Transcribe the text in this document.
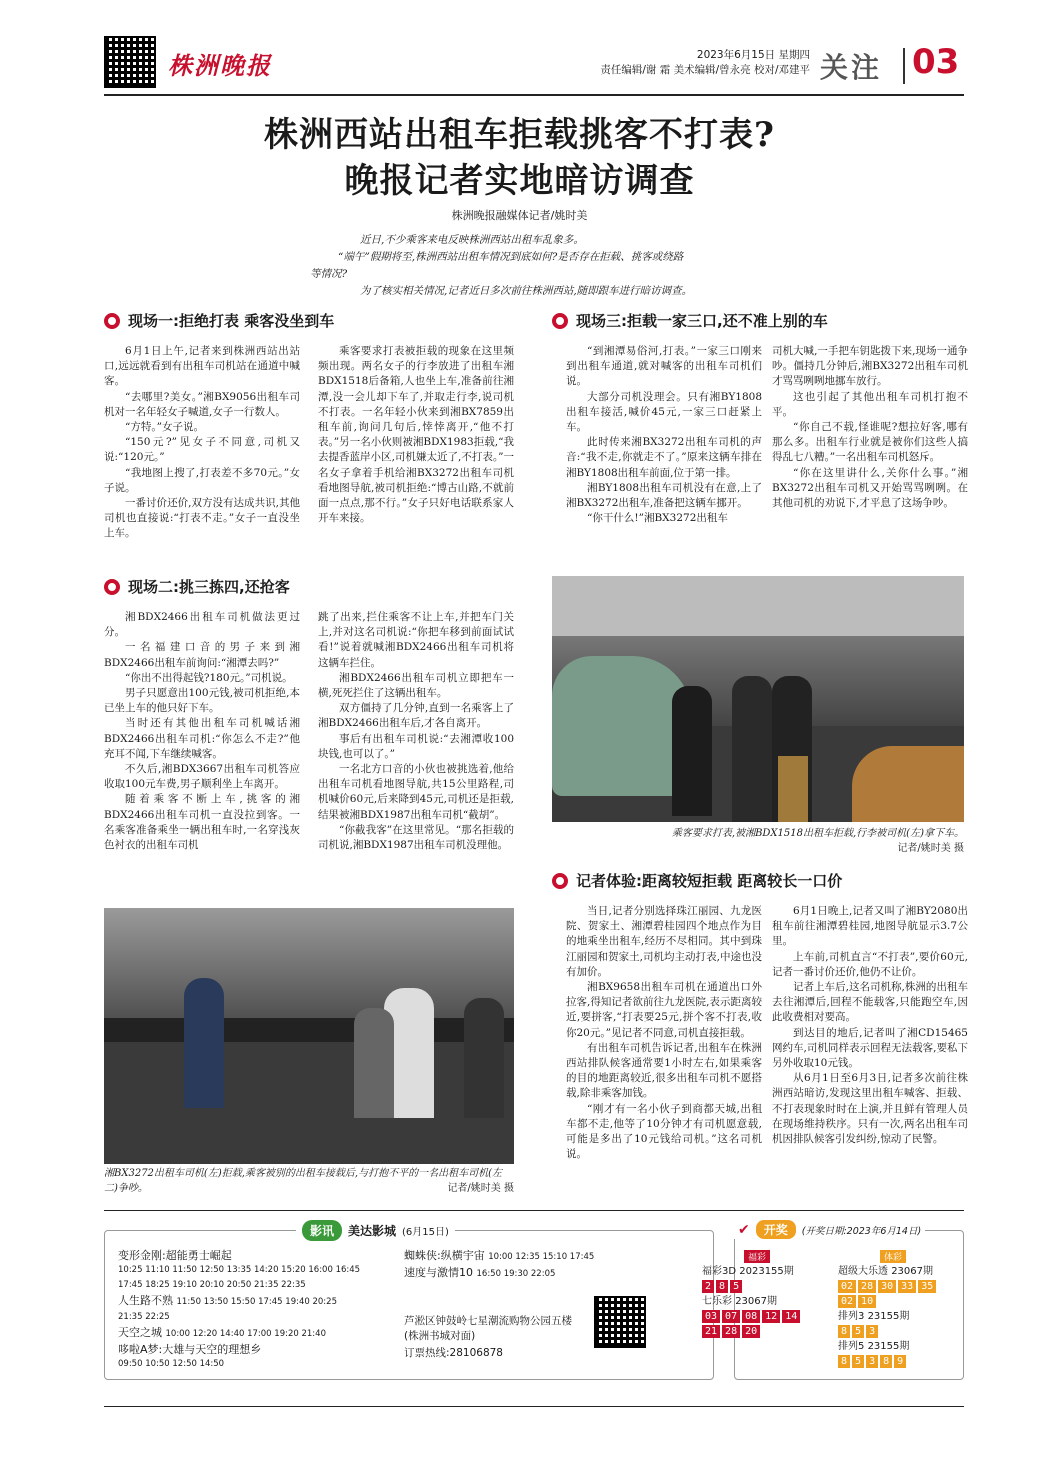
株洲晚报	2023年6月15日 星期四
责任编辑/谢 霜 美术编辑/曾永亮 校对/邓建平 关注 03
株洲西站出租车拒载挑客不打表?
晚报记者实地暗访调查
株洲晚报融媒体记者/姚时美
近日,不少乘客来电反映株洲西站出租车乱象多。
“端午”假期将至,株洲西站出租车情况到底如何?是否存在拒载、挑客或绕路
等情况?
为了核实相关情况,记者近日多次前往株洲西站,随即跟车进行暗访调查。
现场一:拒绝打表 乘客没坐到车

6月1日上午,记者来到株洲西站出站口,远远就看到有出租车司机站在通道中喊客。

“去哪里?美女。”湘BX9056出租车司机对一名年轻女子喊道,女子一行数人。

“方特。”女子说。

“150元?”见女子不同意,司机又说:“120元。”

“我地图上搜了,打表差不多70元。”女子说。

一番讨价还价,双方没有达成共识,其他司机也直接说:“打表不走。”女子一直没坐上车。

乘客要求打表被拒载的现象在这里频频出现。两名女子的行李放进了出租车湘BDX1518后备箱,人也坐上车,准备前往湘潭,没一会儿却下车了,并取走行李,说司机不打表。一名年轻小伙来到湘BX7859出租车前,询问几句后,悻悻离开,“他不打表。”另一名小伙则被湘BDX1983拒载,“我去提香蓝岸小区,司机嫌太近了,不打表。”一名女子拿着手机给湘BX3272出租车司机看地图导航,被司机拒绝:“博古山路,不就前面一点点,那不行。”女子只好电话联系家人开车来接。

现场二:挑三拣四,还抢客

湘BDX2466出租车司机做法更过分。

一名福建口音的男子来到湘BDX2466出租车前询问:“湘潭去吗?”

“你出不出得起钱?180元。”司机说。

男子只愿意出100元钱,被司机拒绝,本已坐上车的他只好下车。

当时还有其他出租车司机喊话湘BDX2466出租车司机:“你怎么不走?”他充耳不闻,下车继续喊客。

不久后,湘BDX3667出租车司机答应收取100元车费,男子顺利坐上车离开。

随着乘客不断上车,挑客的湘BDX2466出租车司机一直没拉到客。一名乘客准备乘坐一辆出租车时,一名穿浅灰色衬衣的出租车司机

跳了出来,拦住乘客不让上车,并把车门关上,并对这名司机说:“你把车移到前面试试看!”说着就喊湘BDX2466出租车司机将这辆车拦住。

湘BDX2466出租车司机立即把车一横,死死拦住了这辆出租车。

双方僵持了几分钟,直到一名乘客上了湘BDX2466出租车后,才各自离开。

事后有出租车司机说:“去湘潭收100块钱,也可以了。”

一名北方口音的小伙也被挑选着,他给出租车司机看地图导航,共15公里路程,司机喊价60元,后来降到45元,司机还是拒载,结果被湘BDX1987出租车司机“截胡”。

“你截我客”在这里常见。“那名拒载的司机说,湘BDX1987出租车司机没理他。

湘BX3272出租车司机(左)拒载,乘客被别的出租车接载后,与打抱不平的一名出租车司机(左二)争吵。	记者/姚时美 摄
现场三:拒载一家三口,还不准上别的车

“到湘潭易俗河,打表。”一家三口刚来到出租车通道,就对喊客的出租车司机们说。

大部分司机没理会。只有湘BY1808出租车接活,喊价45元,一家三口赶紧上车。

此时传来湘BX3272出租车司机的声音:“我不走,你就走不了。”原来这辆车排在湘BY1808出租车前面,位于第一排。

湘BY1808出租车司机没有在意,上了湘BX3272出租车,准备把这辆车挪开。

“你干什么!”湘BX3272出租车

司机大喊,一手把车钥匙拨下来,现场一通争吵。僵持几分钟后,湘BX3272出租车司机才骂骂咧咧地挪车放行。

这也引起了其他出租车司机打抱不平。

“你自己不载,怪谁呢?想拉好客,哪有那么多。出租车行业就是被你们这些人搞得乱七八糟。”一名出租车司机怒斥。

“你在这里讲什么,关你什么事。”湘BX3272出租车司机又开始骂骂咧咧。在其他司机的劝说下,才平息了这场争吵。

乘客要求打表,被湘BDX1518出租车拒载,行李被司机(左)拿下车。
记者/姚时美 摄
记者体验:距离较短拒载 距离较长一口价

当日,记者分别选择珠江丽园、九龙医院、贺家土、湘潭碧桂园四个地点作为目的地乘坐出租车,经历不尽相同。其中到珠江丽园和贺家土,司机均主动打表,中途也没有加价。

湘BX9658出租车司机在通道出口外拉客,得知记者欲前往九龙医院,表示距离较近,要拼客,“打表要25元,拼个客不打表,收你20元。”见记者不同意,司机直接拒载。

有出租车司机告诉记者,出租车在株洲西站排队候客通常要1小时左右,如果乘客的目的地距离较近,很多出租车司机不愿搭载,除非乘客加钱。

“刚才有一名小伙子到商都天城,出租车都不走,他等了10分钟才有司机愿意载,可能是多出了10元钱给司机。”这名司机说。

6月1日晚上,记者又叫了湘BY2080出租车前往湘潭碧桂园,地图导航显示3.7公里。

上车前,司机直言“不打表”,要价60元,记者一番讨价还价,他仍不让价。

记者上车后,这名司机称,株洲的出租车去往湘潭后,回程不能载客,只能跑空车,因此收费相对要高。

到达目的地后,记者叫了湘CD15465网约车,司机同样表示回程无法载客,要私下另外收取10元钱。

从6月1日至6月3日,记者多次前往株洲西站暗访,发现这里出租车喊客、拒载、不打表现象时时在上演,并且鲜有管理人员在现场维持秩序。只有一次,两名出租车司机因排队候客引发纠纷,惊动了民警。

影讯	美达影城 (6月15日)
变形金刚:超能勇士崛起
10:25 11:10 11:50 12:50 13:35 14:20 15:20 16:00 16:45
17:45 18:25 19:10 20:10 20:50 21:35 22:35
人生路不熟 11:50 13:50 15:50 17:45 19:40 20:25
21:35 22:25
天空之城 10:00 12:20 14:40 17:00 19:20 21:40
哆啦A梦:大雄与天空的理想乡
09:50 10:50 12:50 14:50
蜘蛛侠:纵横宇宙 10:00 12:35 15:10 17:45
速度与激情10 16:50 19:30 22:05
芦淞区钟鼓岭七星潮流购物公园五楼(株洲书城对面)
订票热线:28106878
✔	开奖	(开奖日期:2023年6月14日)
福彩	体彩
福彩3D 2023155期
2 8 5
七乐彩 23067期
03 07 08 12 14
21 28 20
超级大乐透 23067期
02 28 30 33 35
02 10
排列3 23155期
8 5 3
排列5 23155期
8 5 3 8 9
